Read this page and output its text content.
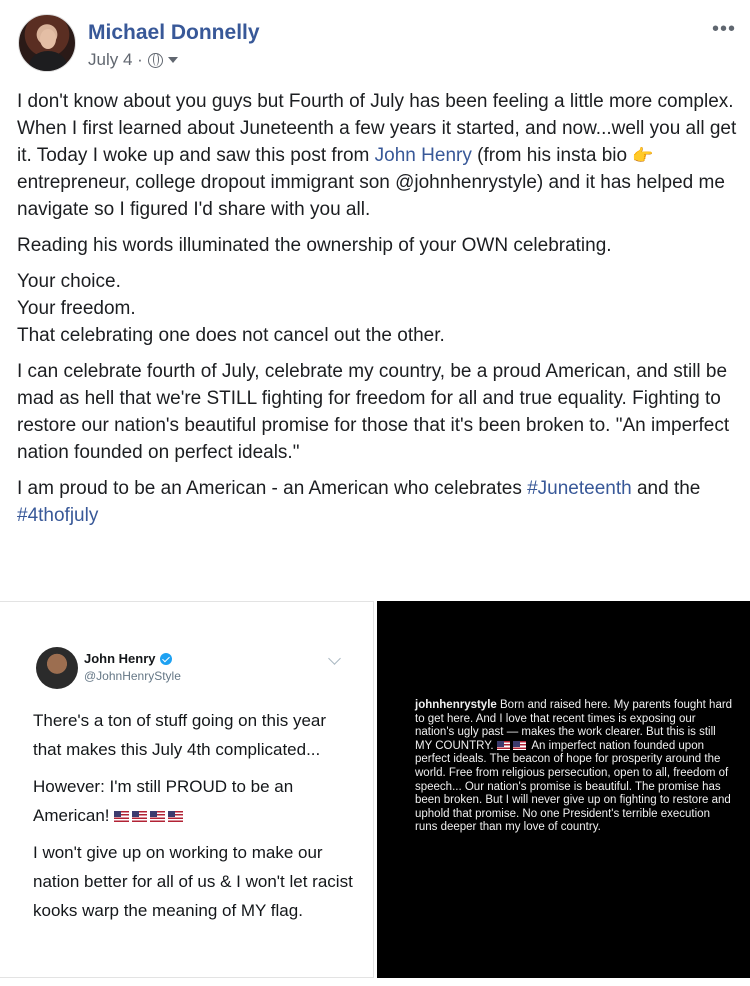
Michael Donnelly
July 4 ·
•••

I don't know about you guys but Fourth of July has been feeling a little more complex. When I first learned about Juneteenth a few years it started, and now...well you all get it. Today I woke up and saw this post from John Henry (from his insta bio 👉 entrepreneur, college dropout immigrant son @johnhenrystyle) and it has helped me navigate so I figured I'd share with you all.

Reading his words illuminated the ownership of your OWN celebrating.

Your choice.
Your freedom.
That celebrating one does not cancel out the other.

I can celebrate fourth of July, celebrate my country, be a proud American, and still be mad as hell that we're STILL fighting for freedom for all and true equality. Fighting to restore our nation's beautiful promise for those that it's been broken to. "An imperfect nation founded on perfect ideals."

I am proud to be an American - an American who celebrates #Juneteenth and the #4thofjuly

John Henry
@JohnHenryStyle

There's a ton of stuff going on this year that makes this July 4th complicated...

However: I'm still PROUD to be an American!

I won't give up on working to make our nation better for all of us & I won't let racist kooks warp the meaning of MY flag.

johnhenrystyle Born and raised here. My parents fought hard to get here. And I love that recent times is exposing our nation's ugly past — makes the work clearer. But this is still MY COUNTRY.	An imperfect nation founded upon perfect ideals. The beacon of hope for prosperity around the world. Free from religious persecution, open to all, freedom of speech... Our nation's promise is beautiful. The promise has been broken. But I will never give up on fighting to restore and uphold that promise. No one President's terrible execution runs deeper than my love of country.
